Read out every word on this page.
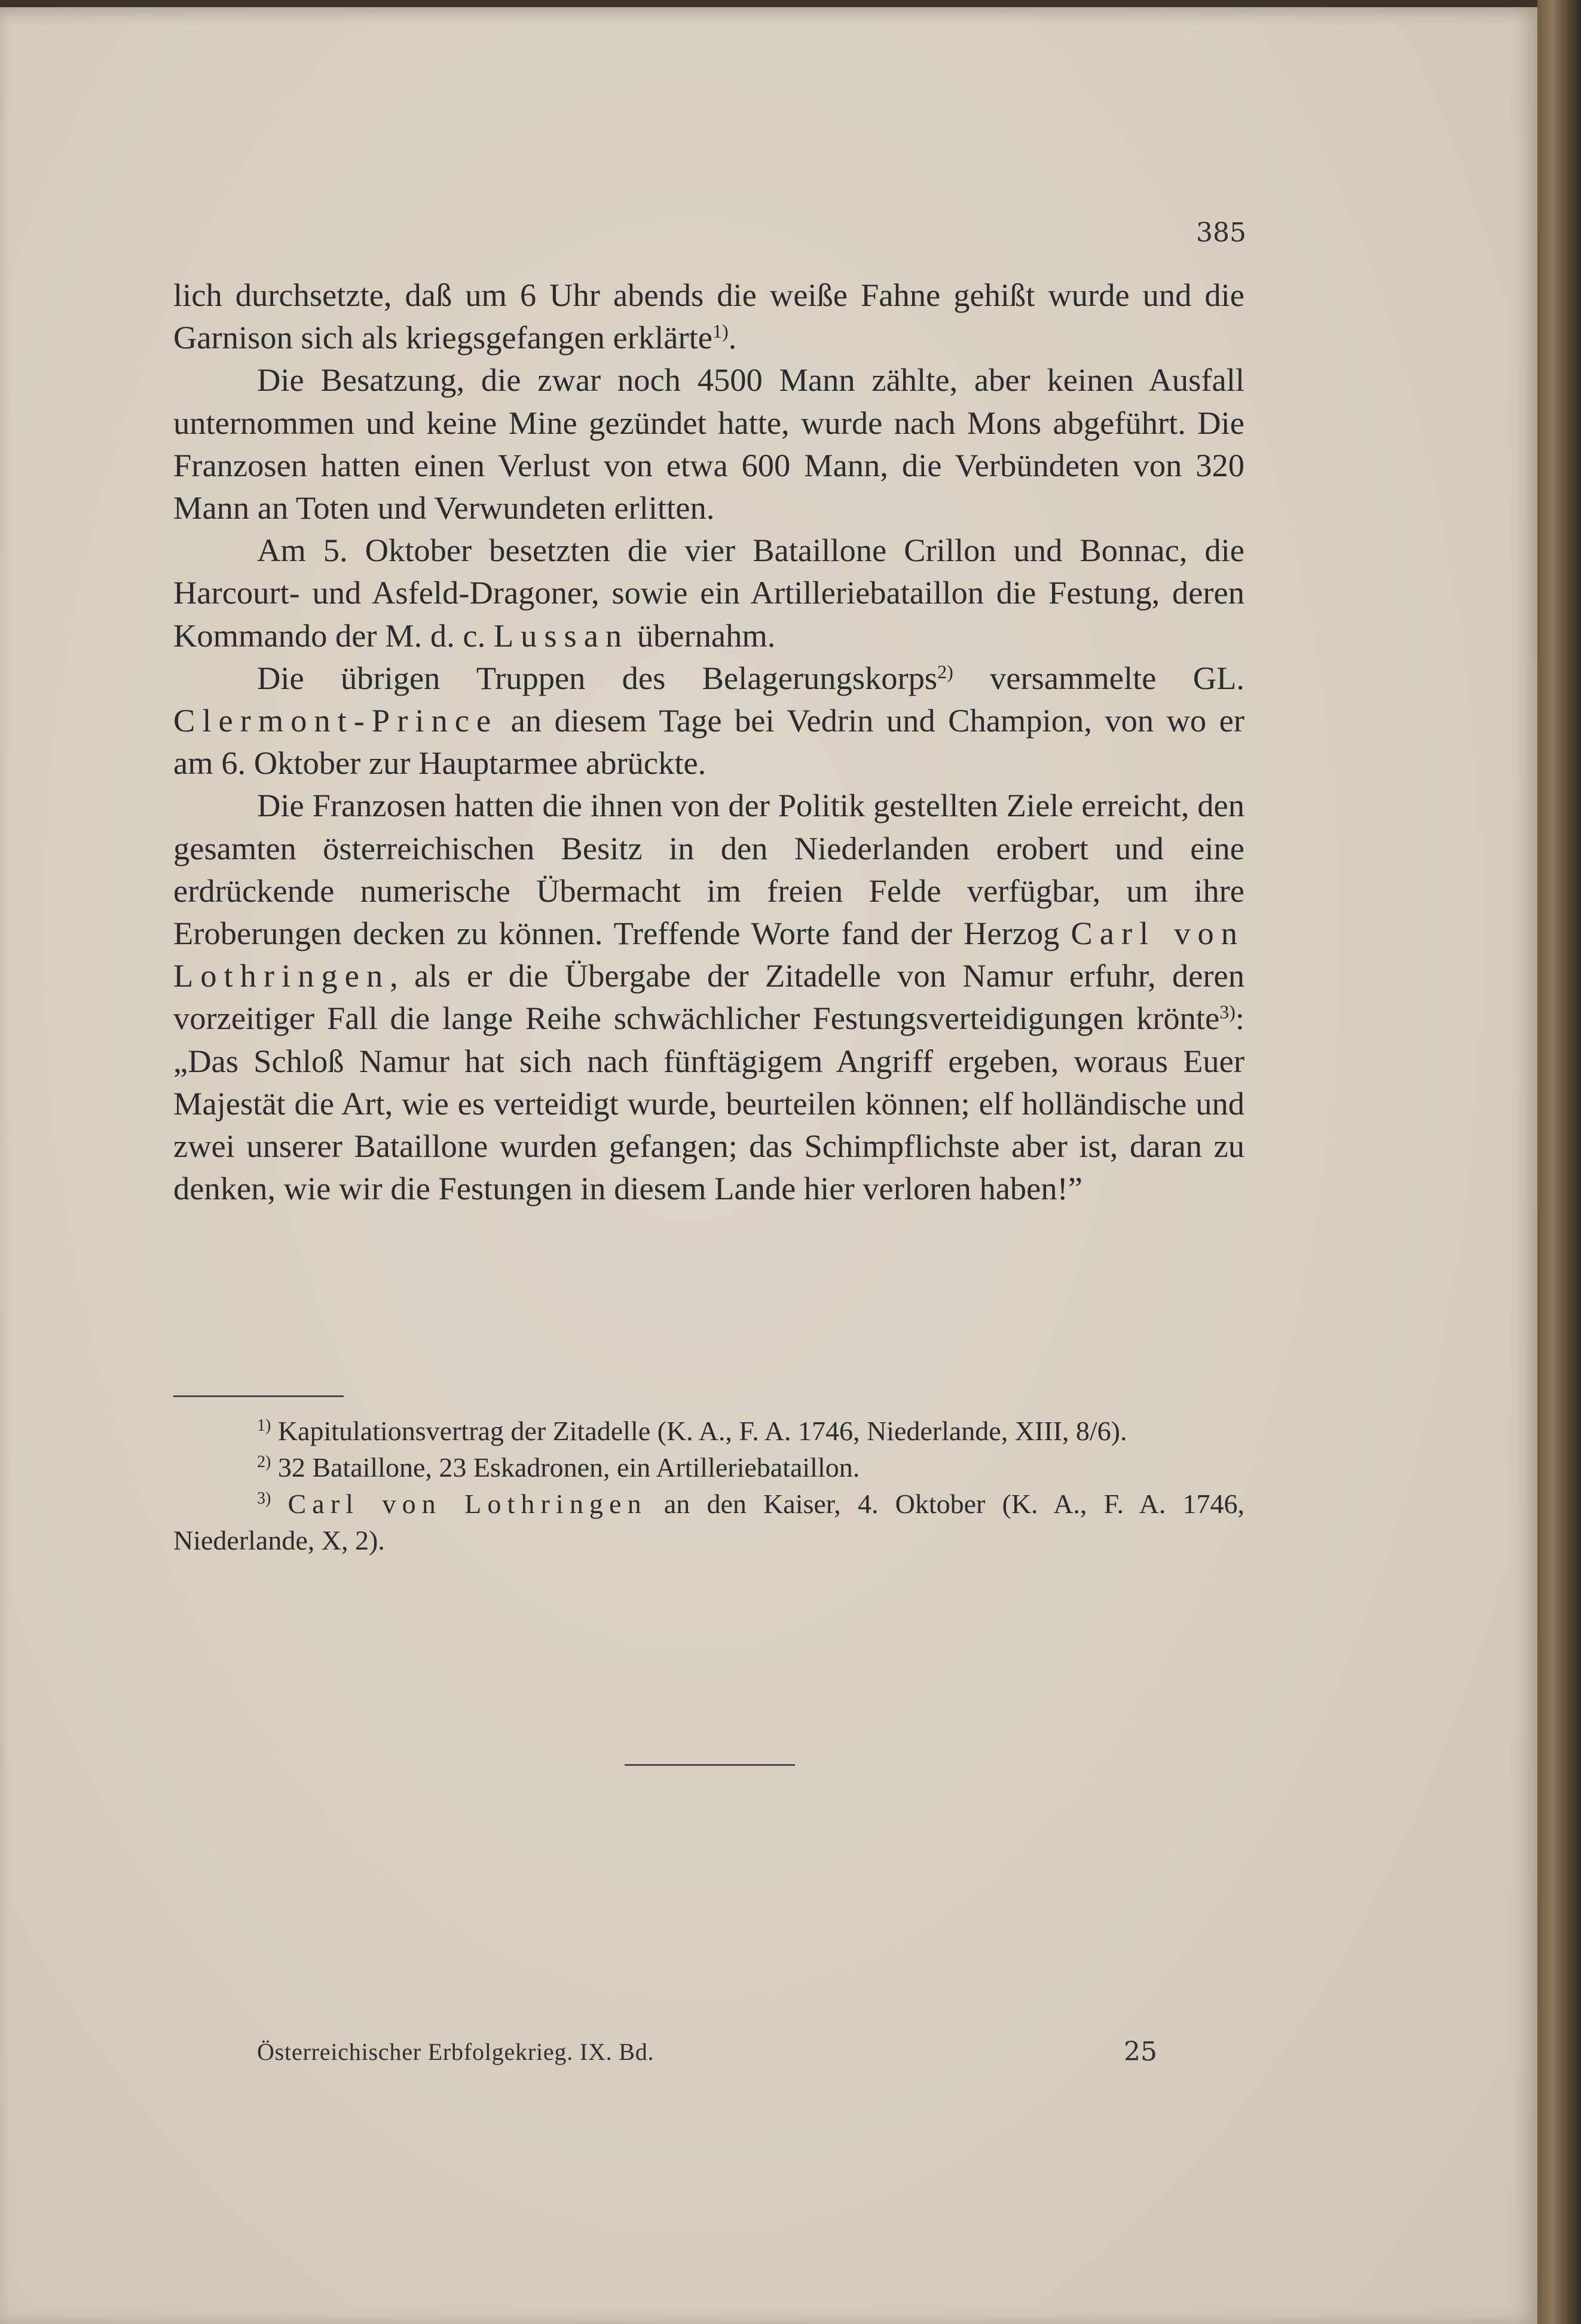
385

lich durchsetzte, daß um 6 Uhr abends die weiße Fahne gehißt wurde und die Garnison sich als kriegsgefangen erklärte$^{1)}$.

Die Besatzung, die zwar noch 4500 Mann zählte, aber keinen Ausfall unternommen und keine Mine gezündet hatte, wurde nach Mons abgeführt. Die Franzosen hatten einen Verlust von etwa 600 Mann, die Verbündeten von 320 Mann an Toten und Verwundeten erlitten.

Am 5. Oktober besetzten die vier Bataillone Crillon und Bonnac, die Harcourt- und Asfeld-Dragoner, sowie ein Artilleriebataillon die Festung, deren Kommando der M. d. c. Lussan übernahm.

Die übrigen Truppen des Belagerungskorps$^{2)}$ versammelte GL. Clermont-Prince an diesem Tage bei Vedrin und Champion, von wo er am 6. Oktober zur Hauptarmee abrückte.

Die Franzosen hatten die ihnen von der Politik gestellten Ziele erreicht, den gesamten österreichischen Besitz in den Niederlanden erobert und eine erdrückende numerische Übermacht im freien Felde verfügbar, um ihre Eroberungen decken zu können. Treffende Worte fand der Herzog Carl von Lothringen, als er die Übergabe der Zitadelle von Namur erfuhr, deren vorzeitiger Fall die lange Reihe schwächlicher Festungsverteidigungen krönte$^{3)}$: „Das Schloß Namur hat sich nach fünftägigem Angriff ergeben, woraus Euer Majestät die Art, wie es verteidigt wurde, beurteilen können; elf holländische und zwei unserer Bataillone wurden gefangen; das Schimpflichste aber ist, daran zu denken, wie wir die Festungen in diesem Lande hier verloren haben!”

$^{1)}$ Kapitulationsvertrag der Zitadelle (K. A., F. A. 1746, Niederlande, XIII, 8/6).

$^{2)}$ 32 Bataillone, 23 Eskadronen, ein Artilleriebataillon.

$^{3)}$ Carl von Lothringen an den Kaiser, 4. Oktober (K. A., F. A. 1746, Niederlande, X, 2).

Österreichischer Erbfolgekrieg. IX. Bd.	25
